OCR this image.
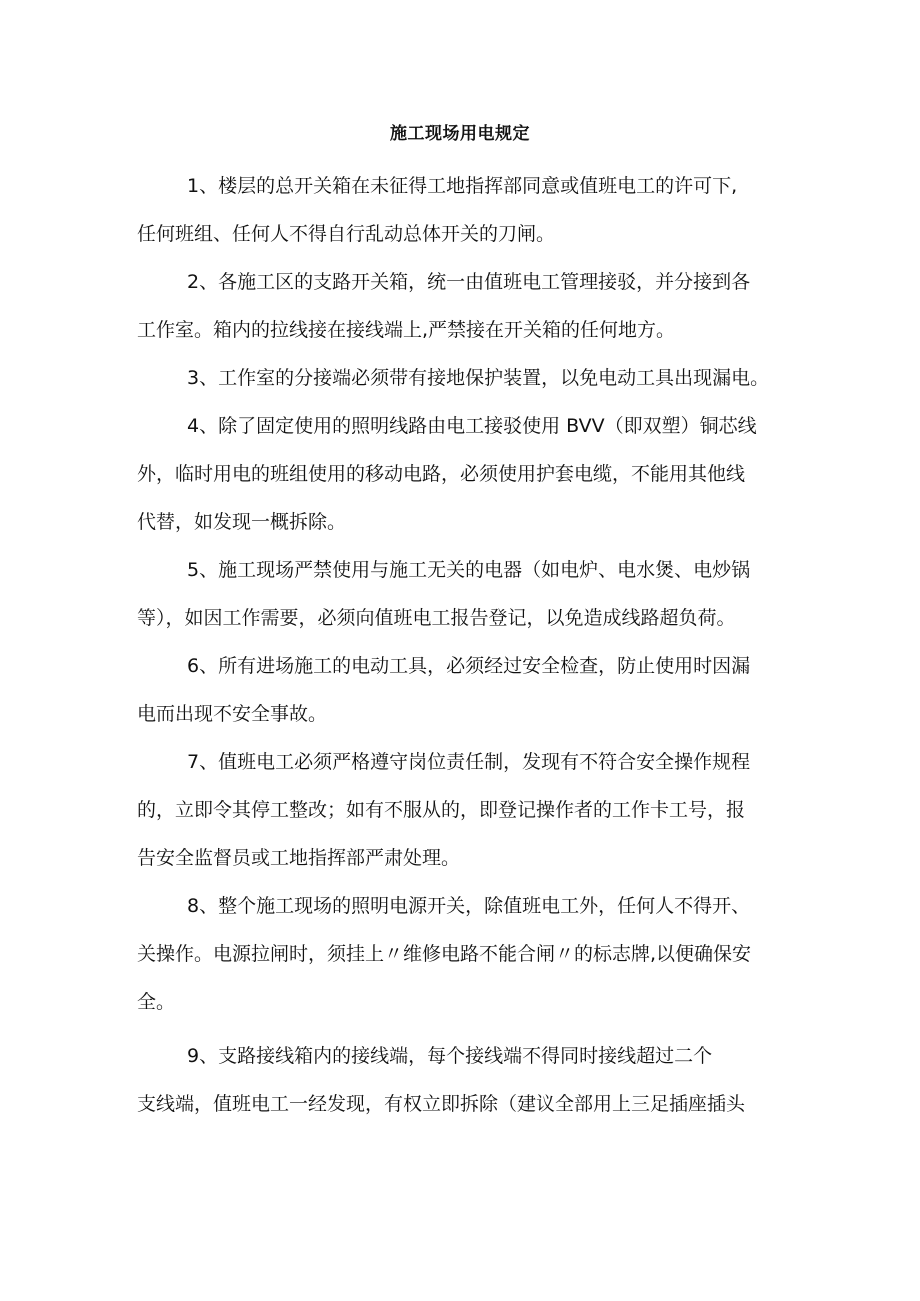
施工现场用电规定

1、楼层的总开关箱在未征得工地指挥部同意或值班电工的许可下,
任何班组、任何人不得自行乱动总体开关的刀闸。

2、各施工区的支路开关箱，统一由值班电工管理接驳，并分接到各
工作室。箱内的拉线接在接线端上,严禁接在开关箱的任何地方。

3、工作室的分接端必须带有接地保护装置，以免电动工具出现漏电。

4、除了固定使用的照明线路由电工接驳使用 BVV（即双塑）铜芯线
外，临时用电的班组使用的移动电路，必须使用护套电缆，不能用其他线
代替，如发现一概拆除。

5、施工现场严禁使用与施工无关的电器（如电炉、电水煲、电炒锅
等），如因工作需要，必须向值班电工报告登记，以免造成线路超负荷。

6、所有进场施工的电动工具，必须经过安全检查，防止使用时因漏
电而出现不安全事故。

7、值班电工必须严格遵守岗位责任制，发现有不符合安全操作规程
的，立即令其停工整改；如有不服从的，即登记操作者的工作卡工号，报
告安全监督员或工地指挥部严肃处理。

8、整个施工现场的照明电源开关，除值班电工外，任何人不得开、
关操作。电源拉闸时，须挂上〃维修电路不能合闸〃的标志牌,以便确保安
全。

9、支路接线箱内的接线端，每个接线端不得同时接线超过二个
支线端，值班电工一经发现，有权立即拆除（建议全部用上三足插座插头
